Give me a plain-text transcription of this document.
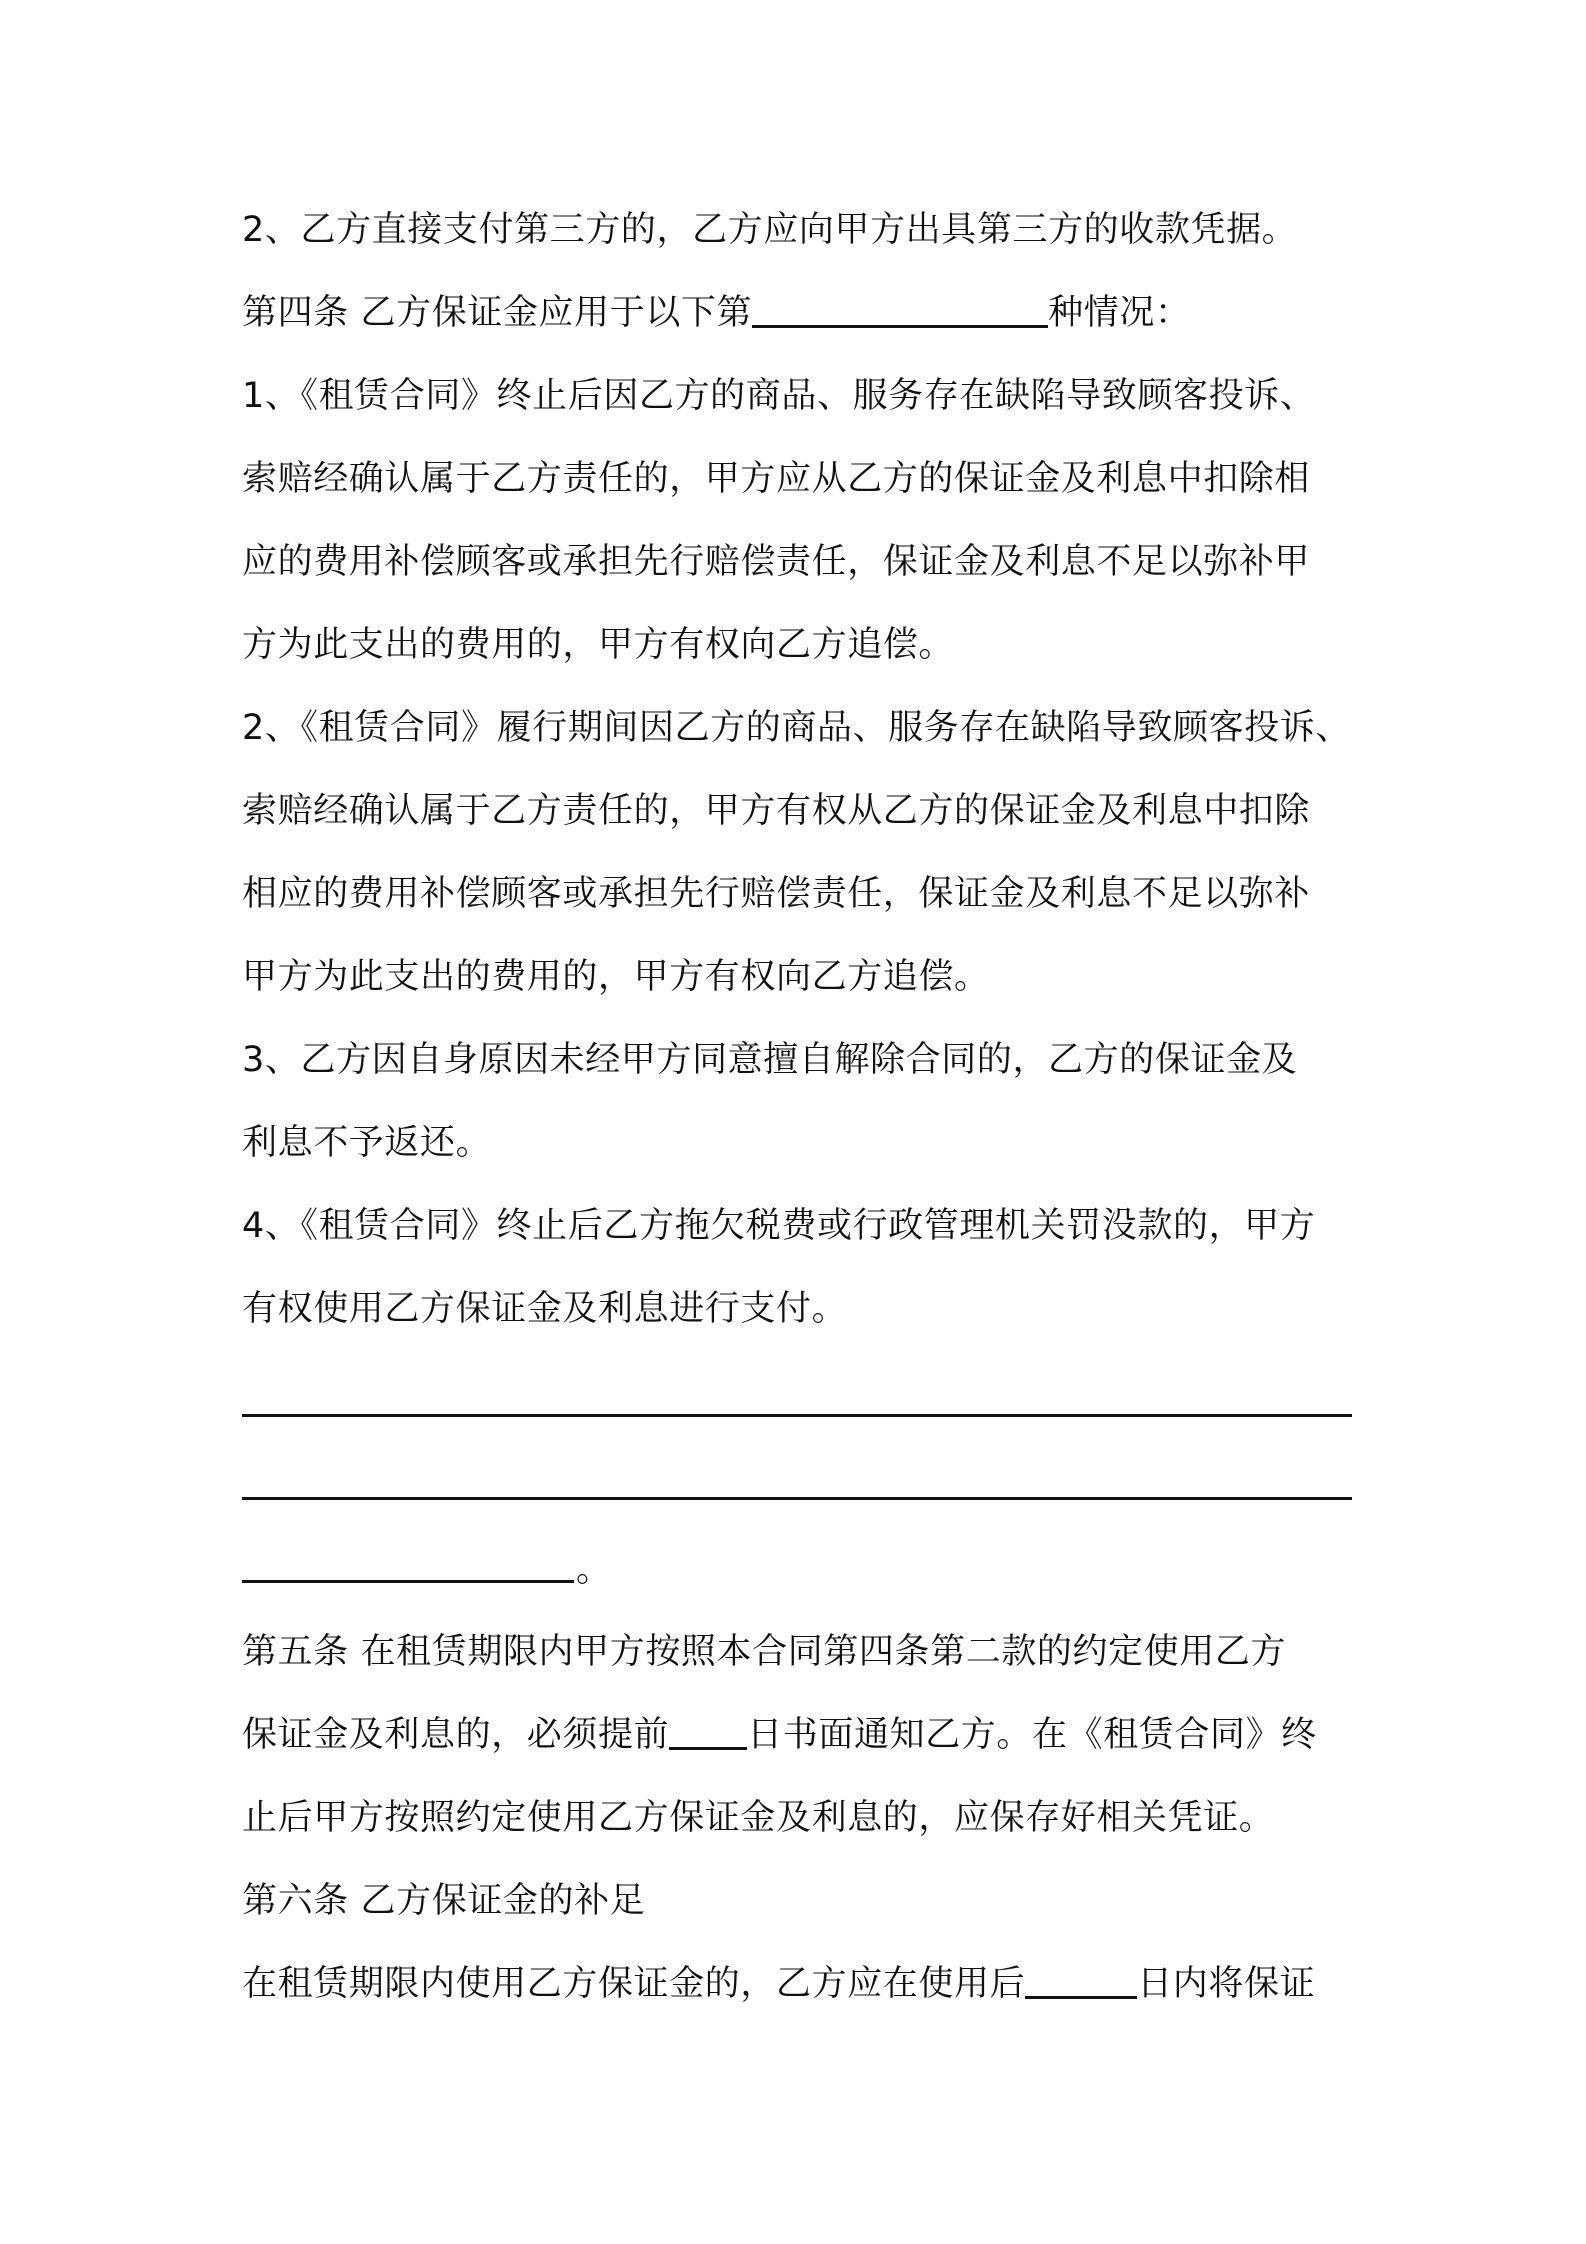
2、乙方直接支付第三方的，乙方应向甲方出具第三方的收款凭据。
第四条 乙方保证金应用于以下第	种情况：
1、《租赁合同》终止后因乙方的商品、服务存在缺陷导致顾客投诉、
索赔经确认属于乙方责任的，甲方应从乙方的保证金及利息中扣除相
应的费用补偿顾客或承担先行赔偿责任，保证金及利息不足以弥补甲
方为此支出的费用的，甲方有权向乙方追偿。
2、《租赁合同》履行期间因乙方的商品、服务存在缺陷导致顾客投诉、
索赔经确认属于乙方责任的，甲方有权从乙方的保证金及利息中扣除
相应的费用补偿顾客或承担先行赔偿责任，保证金及利息不足以弥补
甲方为此支出的费用的，甲方有权向乙方追偿。
3、乙方因自身原因未经甲方同意擅自解除合同的，乙方的保证金及
利息不予返还。
4、《租赁合同》终止后乙方拖欠税费或行政管理机关罚没款的，甲方
有权使用乙方保证金及利息进行支付。
。
第五条 在租赁期限内甲方按照本合同第四条第二款的约定使用乙方
保证金及利息的，必须提前 日书面通知乙方。在《租赁合同》终
止后甲方按照约定使用乙方保证金及利息的，应保存好相关凭证。
第六条 乙方保证金的补足
在租赁期限内使用乙方保证金的，乙方应在使用后	日内将保证
